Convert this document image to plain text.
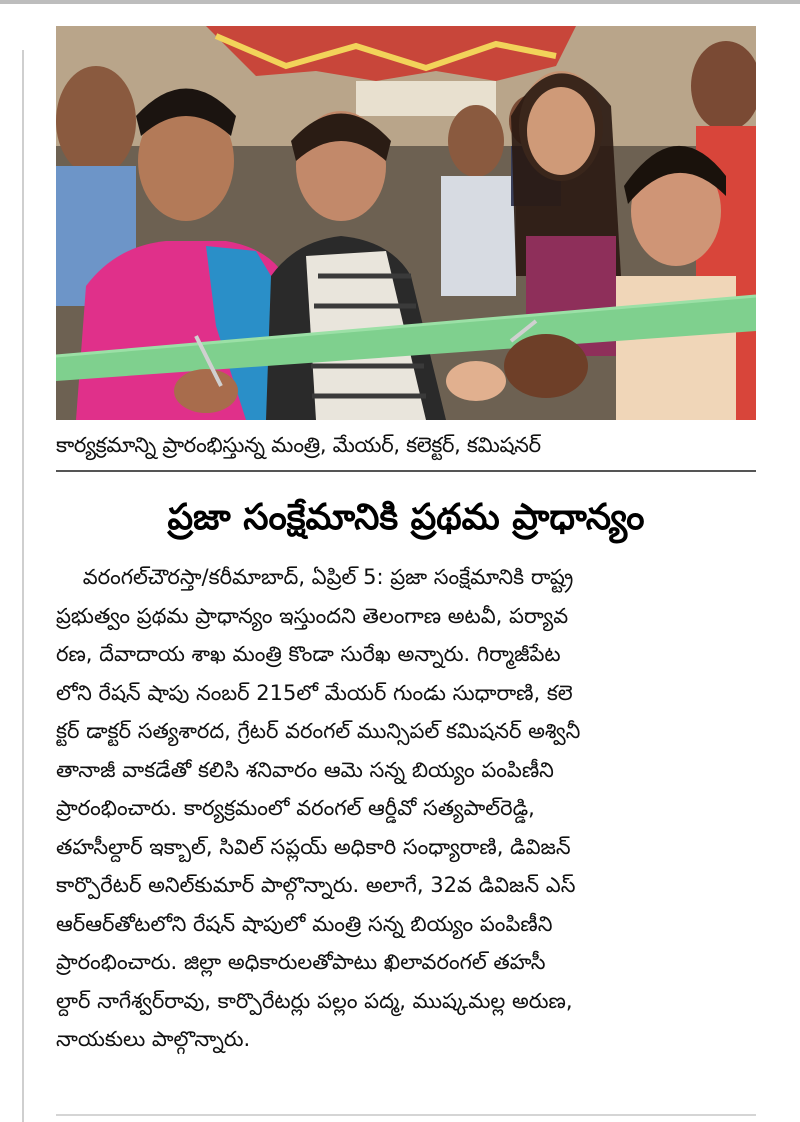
కార్యక్రమాన్ని ప్రారంభిస్తున్న మంత్రి, మేయర్, కలెక్టర్, కమిషనర్
ప్రజా సంక్షేమానికి ప్రథమ ప్రాధాన్యం
వరంగల్‌చౌరస్తా/కరీమాబాద్, ఏప్రిల్ 5: ప్రజా సంక్షేమానికి రాష్ట్ర
ప్రభుత్వం ప్రథమ ప్రాధాన్యం ఇస్తుందని తెలంగాణ అటవీ, పర్యావ
రణ, దేవాదాయ శాఖ మంత్రి కొండా సురేఖ అన్నారు. గిర్మాజీపేట
లోని రేషన్ షాపు నంబర్ 215లో మేయర్ గుండు సుధారాణి, కలె
క్టర్ డాక్టర్ సత్యశారద, గ్రేటర్ వరంగల్ మున్సిపల్ కమిషనర్ అశ్వినీ
తానాజీ వాకడేతో కలిసి శనివారం ఆమె సన్న బియ్యం పంపిణీని
ప్రారంభించారు. కార్యక్రమంలో వరంగల్ ఆర్డీవో సత్యపాల్‌రెడ్డి,
తహసీల్దార్ ఇక్బాల్, సివిల్ సప్లయ్ అధికారి సంధ్యారాణి, డివిజన్
కార్పొరేటర్ అనిల్‌కుమార్ పాల్గొన్నారు. అలాగే, 32వ డివిజన్ ఎస్
ఆర్ఆర్‌తోటలోని రేషన్ షాపులో మంత్రి సన్న బియ్యం పంపిణీని
ప్రారంభించారు. జిల్లా అధికారులతోపాటు ఖిలావరంగల్ తహసీ
ల్దార్ నాగేశ్వర్‌రావు, కార్పొరేటర్లు పల్లం పద్మ, ముష్కమల్ల అరుణ,
నాయకులు పాల్గొన్నారు.
